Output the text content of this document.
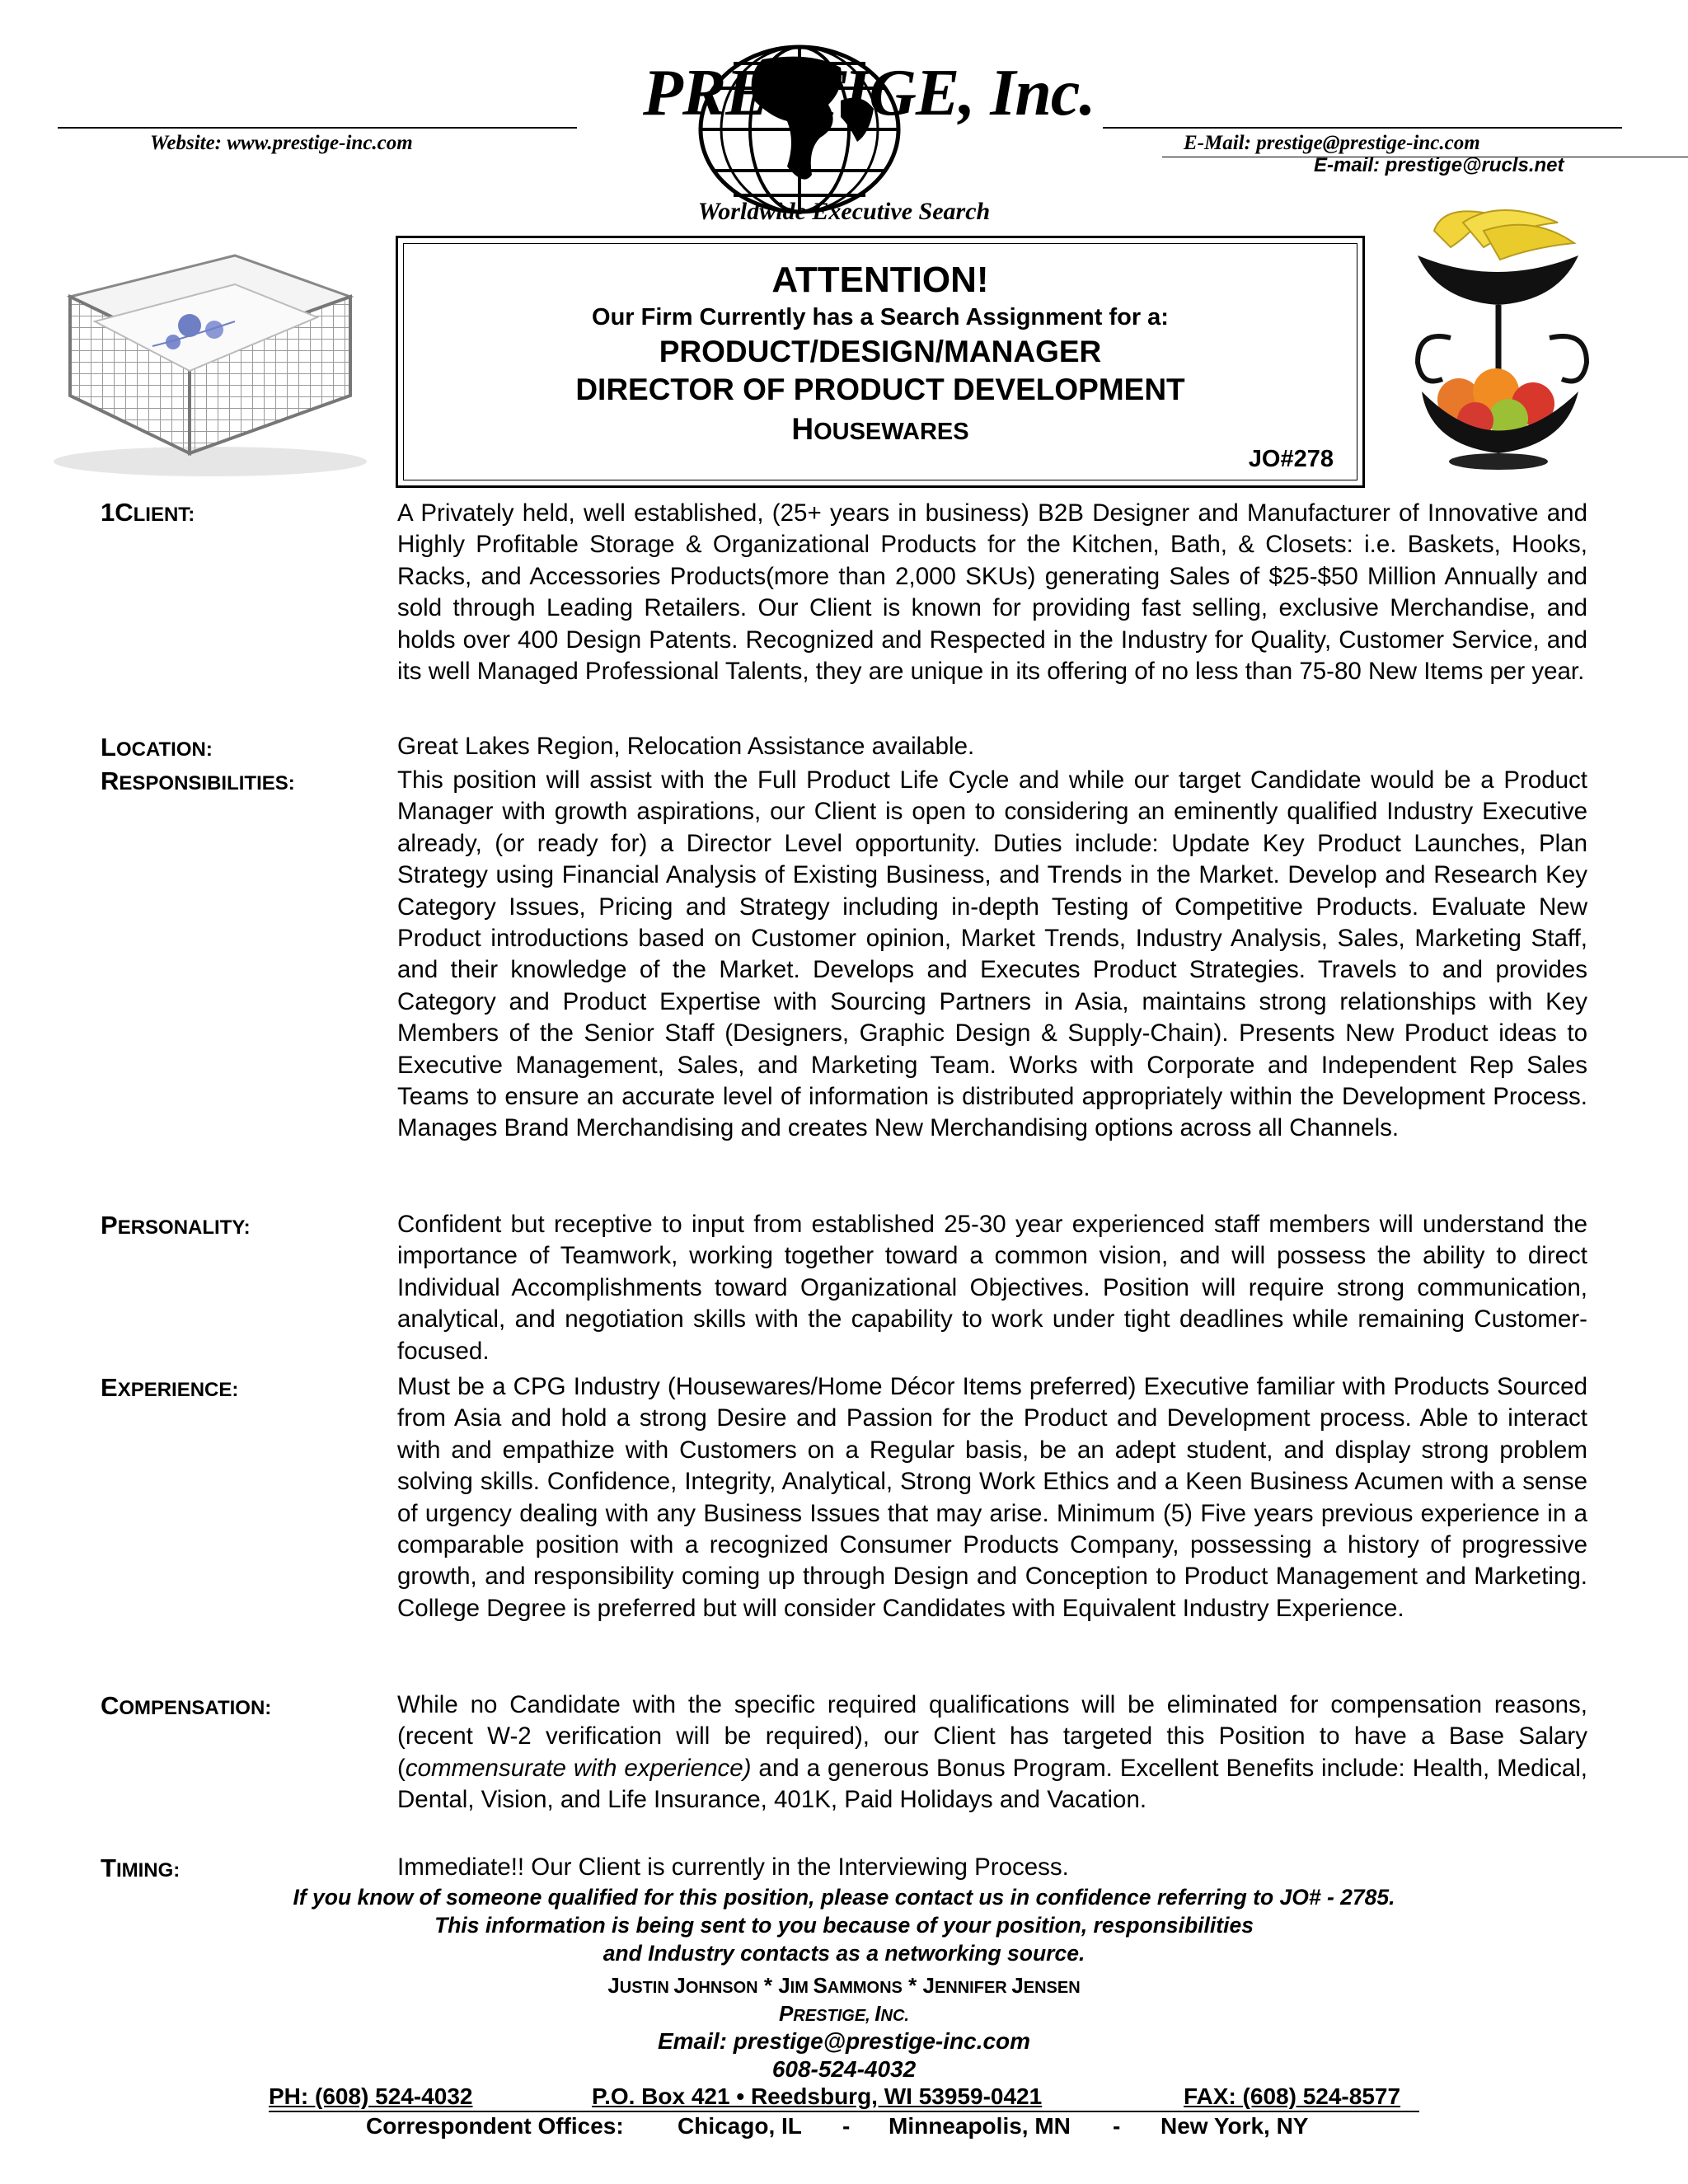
Website: www.prestige-inc.com	E-Mail: prestige@prestige-inc.com
E-mail: prestige@rucls.net
PRESTIGE, Inc.
Worldwide Executive Search
ATTENTION!
Our Firm Currently has a Search Assignment for a:
PRODUCT/DESIGN/MANAGER
DIRECTOR OF PRODUCT DEVELOPMENT
HOUSEWARES
JO#278
1CLIENT:	A Privately held, well established, (25+ years in business) B2B Designer and Manufacturer of Innovative and Highly Profitable Storage & Organizational Products for the Kitchen, Bath, & Closets: i.e. Baskets, Hooks, Racks, and Accessories Products(more than 2,000 SKUs) generating Sales of $25-$50 Million Annually and sold through Leading Retailers. Our Client is known for providing fast selling, exclusive Merchandise, and holds over 400 Design Patents. Recognized and Respected in the Industry for Quality, Customer Service, and its well Managed Professional Talents, they are unique in its offering of no less than 75-80 New Items per year.
LOCATION:	Great Lakes Region, Relocation Assistance available.
RESPONSIBILITIES:	This position will assist with the Full Product Life Cycle and while our target Candidate would be a Product Manager with growth aspirations, our Client is open to considering an eminently qualified Industry Executive already, (or ready for) a Director Level opportunity. Duties include: Update Key Product Launches, Plan Strategy using Financial Analysis of Existing Business, and Trends in the Market. Develop and Research Key Category Issues, Pricing and Strategy including in-depth Testing of Competitive Products. Evaluate New Product introductions based on Customer opinion, Market Trends, Industry Analysis, Sales, Marketing Staff, and their knowledge of the Market. Develops and Executes Product Strategies. Travels to and provides Category and Product Expertise with Sourcing Partners in Asia, maintains strong relationships with Key Members of the Senior Staff (Designers, Graphic Design & Supply-Chain). Presents New Product ideas to Executive Management, Sales, and Marketing Team. Works with Corporate and Independent Rep Sales Teams to ensure an accurate level of information is distributed appropriately within the Development Process. Manages Brand Merchandising and creates New Merchandising options across all Channels.
PERSONALITY:	Confident but receptive to input from established 25-30 year experienced staff members will understand the importance of Teamwork, working together toward a common vision, and will possess the ability to direct Individual Accomplishments toward Organizational Objectives. Position will require strong communication, analytical, and negotiation skills with the capability to work under tight deadlines while remaining Customer-focused.
EXPERIENCE:	Must be a CPG Industry (Housewares/Home Décor Items preferred) Executive familiar with Products Sourced from Asia and hold a strong Desire and Passion for the Product and Development process. Able to interact with and empathize with Customers on a Regular basis, be an adept student, and display strong problem solving skills. Confidence, Integrity, Analytical, Strong Work Ethics and a Keen Business Acumen with a sense of urgency dealing with any Business Issues that may arise. Minimum (5) Five years previous experience in a comparable position with a recognized Consumer Products Company, possessing a history of progressive growth, and responsibility coming up through Design and Conception to Product Management and Marketing. College Degree is preferred but will consider Candidates with Equivalent Industry Experience.
COMPENSATION:	While no Candidate with the specific required qualifications will be eliminated for compensation reasons, (recent W-2 verification will be required), our Client has targeted this Position to have a Base Salary (commensurate with experience) and a generous Bonus Program. Excellent Benefits include: Health, Medical, Dental, Vision, and Life Insurance, 401K, Paid Holidays and Vacation.
TIMING:	Immediate!! Our Client is currently in the Interviewing Process.
If you know of someone qualified for this position, please contact us in confidence referring to JO# - 2785.
This information is being sent to you because of your position, responsibilities
and Industry contacts as a networking source.
JUSTIN JOHNSON * JIM SAMMONS * JENNIFER JENSEN
PRESTIGE, INC.
Email: prestige@prestige-inc.com
608-524-4032
PH: (608) 524-4032	P.O. Box 421 • Reedsburg, WI 53959-0421	FAX: (608) 524-8577
Correspondent Offices: Chicago, IL - Minneapolis, MN - New York, NY
